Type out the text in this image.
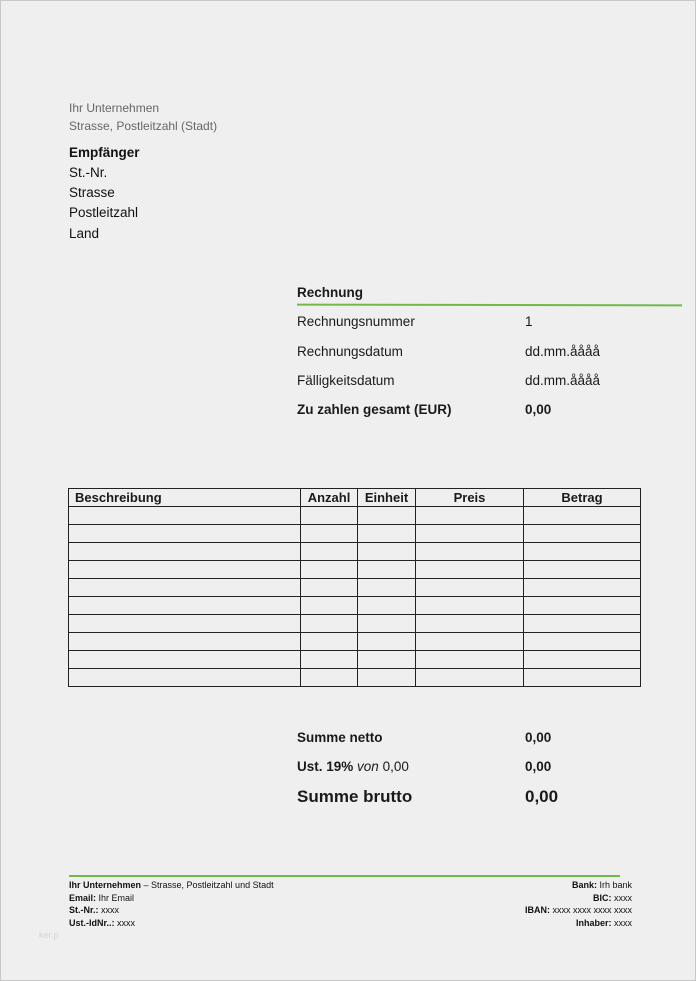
Ihr Unternehmen
Strasse, Postleitzahl (Stadt)
Empfänger
St.-Nr.
Strasse
Postleitzahl
Land
Rechnung
Rechnungsnummer	1
Rechnungsdatum	dd.mm.åååå
Fälligkeitsdatum	dd.mm.åååå
Zu zahlen gesamt (EUR)	0,00
Beschreibung	Anzahl	Einheit	Preis	Betrag

Summe netto	0,00
Ust. 19% von 0,00	0,00
Summe brutto	0,00
Ihr Unternehmen – Strasse, Postleitzahl und Stadt
Email: Ihr Email
St.-Nr.: xxxx
Ust.-IdNr..: xxxx
Bank: Irh bank
BIC: xxxx
IBAN: xxxx xxxx xxxx xxxx
Inhaber: xxxx
ker.p
